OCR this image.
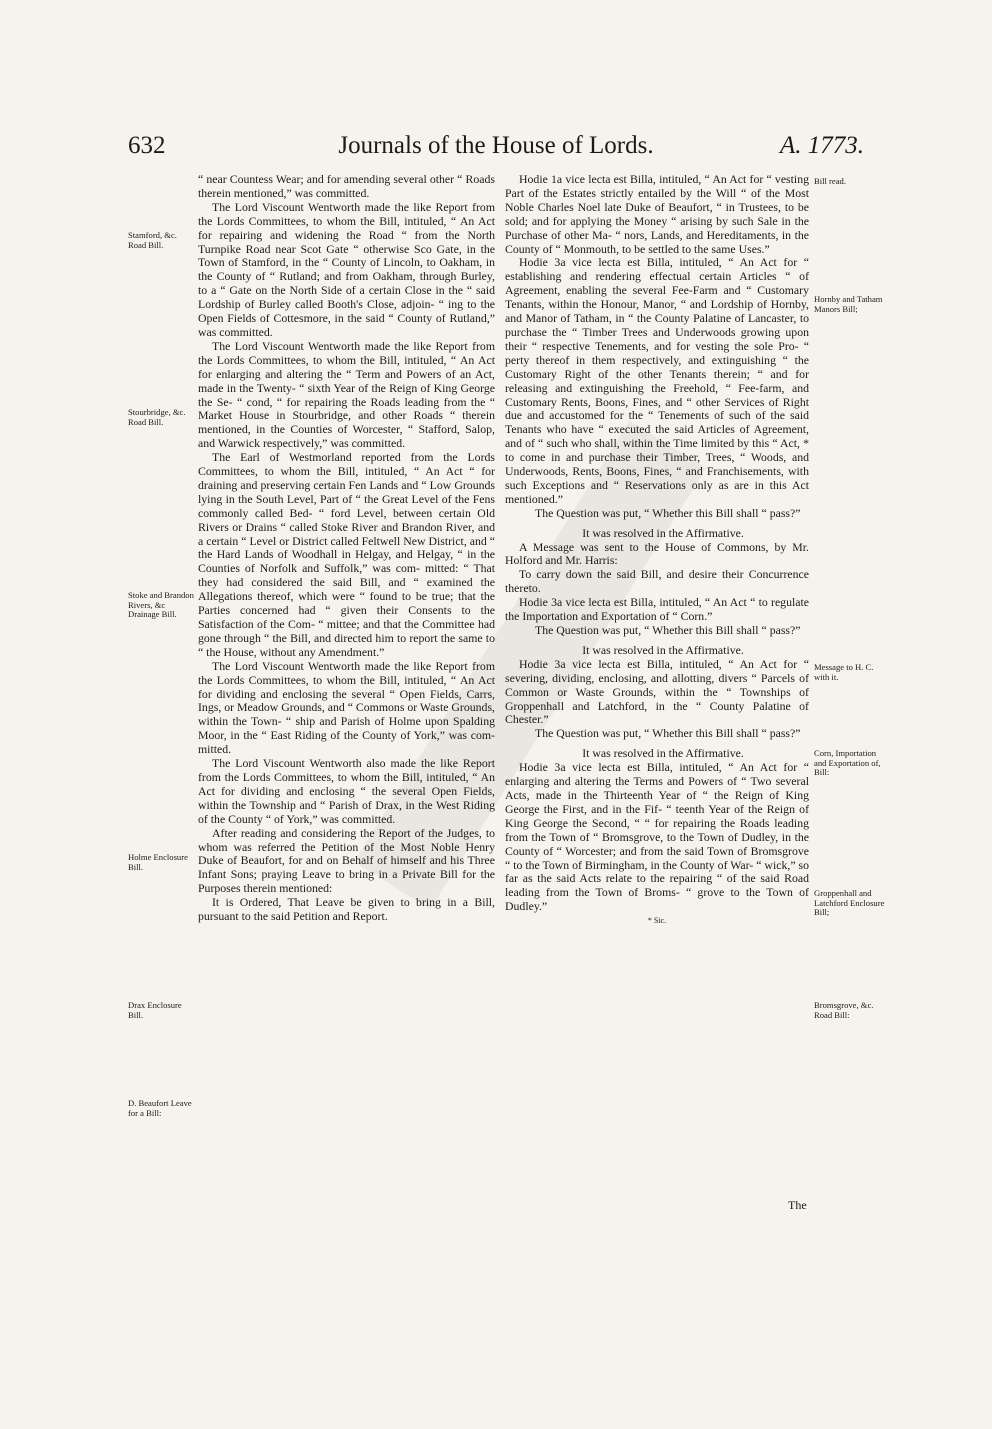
632	Journals of the House of Lords.	A. 1773.
Stamford, &c. Road Bill.
Stourbridge, &c. Road Bill.
Stoke and Brandon Rivers, &c Drainage Bill.
Holme Enclosure Bill.
Drax Enclosure Bill.
D. Beaufort Leave for a Bill:
Bill read.
Hornby and Tatham Manors Bill;
Message to H. C. with it.
Corn, Importation and Exportation of, Bill:
Groppenhall and Latchford Enclosure Bill;
Bromsgrove, &c. Road Bill:

“ near Countess Wear; and for amending several other “ Roads therein mentioned,” was committed.

The Lord Viscount Wentworth made the like Report from the Lords Committees, to whom the Bill, intituled, “ An Act for repairing and widening the Road “ from the North Turnpike Road near Scot Gate “ otherwise Sco Gate, in the Town of Stamford, in the “ County of Lincoln, to Oakham, in the County of “ Rutland; and from Oakham, through Burley, to a “ Gate on the North Side of a certain Close in the “ said Lordship of Burley called Booth's Close, adjoin- “ ing to the Open Fields of Cottesmore, in the said “ County of Rutland,” was committed.

The Lord Viscount Wentworth made the like Report from the Lords Committees, to whom the Bill, intituled, “ An Act for enlarging and altering the “ Term and Powers of an Act, made in the Twenty- “ sixth Year of the Reign of King George the Se- “ cond, “ for repairing the Roads leading from the “ Market House in Stourbridge, and other Roads “ therein mentioned, in the Counties of Worcester, “ Stafford, Salop, and Warwick respectively,” was committed.

The Earl of Westmorland reported from the Lords Committees, to whom the Bill, intituled, “ An Act “ for draining and preserving certain Fen Lands and “ Low Grounds lying in the South Level, Part of “ the Great Level of the Fens commonly called Bed- “ ford Level, between certain Old Rivers or Drains “ called Stoke River and Brandon River, and a certain “ Level or District called Feltwell New District, and “ the Hard Lands of Woodhall in Helgay, and Helgay, “ in the Counties of Norfolk and Suffolk,” was com- mitted: “ That they had considered the said Bill, and “ examined the Allegations thereof, which were “ found to be true; that the Parties concerned had “ given their Consents to the Satisfaction of the Com- “ mittee; and that the Committee had gone through “ the Bill, and directed him to report the same to “ the House, without any Amendment.”

The Lord Viscount Wentworth made the like Report from the Lords Committees, to whom the Bill, intituled, “ An Act for dividing and enclosing the several “ Open Fields, Carrs, Ings, or Meadow Grounds, and “ Commons or Waste Grounds, within the Town- “ ship and Parish of Holme upon Spalding Moor, in the “ East Riding of the County of York,” was com- mitted.

The Lord Viscount Wentworth also made the like Report from the Lords Committees, to whom the Bill, intituled, “ An Act for dividing and enclosing “ the several Open Fields, within the Township and “ Parish of Drax, in the West Riding of the County “ of York,” was committed.

After reading and considering the Report of the Judges, to whom was referred the Petition of the Most Noble Henry Duke of Beaufort, for and on Behalf of himself and his Three Infant Sons; praying Leave to bring in a Private Bill for the Purposes therein mentioned:

It is Ordered, That Leave be given to bring in a Bill, pursuant to the said Petition and Report.

Hodie 1a vice lecta est Billa, intituled, “ An Act for “ vesting Part of the Estates strictly entailed by the Will “ of the Most Noble Charles Noel late Duke of Beaufort, “ in Trustees, to be sold; and for applying the Money “ arising by such Sale in the Purchase of other Ma- “ nors, Lands, and Hereditaments, in the County of “ Monmouth, to be settled to the same Uses.”

Hodie 3a vice lecta est Billa, intituled, “ An Act for “ establishing and rendering effectual certain Articles “ of Agreement, enabling the several Fee-Farm and “ Customary Tenants, within the Honour, Manor, “ and Lordship of Hornby, and Manor of Tatham, in “ the County Palatine of Lancaster, to purchase the “ Timber Trees and Underwoods growing upon their “ respective Tenements, and for vesting the sole Pro- “ perty thereof in them respectively, and extinguishing “ the Customary Right of the other Tenants therein; “ and for releasing and extinguishing the Freehold, “ Fee-farm, and Customary Rents, Boons, Fines, and “ other Services of Right due and accustomed for the “ Tenements of such of the said Tenants who have “ executed the said Articles of Agreement, and of “ such who shall, within the Time limited by this “ Act, * to come in and purchase their Timber, Trees, “ Woods, and Underwoods, Rents, Boons, Fines, “ and Franchisements, with such Exceptions and “ Reservations only as are in this Act mentioned.”

The Question was put, “ Whether this Bill shall “ pass?”

It was resolved in the Affirmative.

A Message was sent to the House of Commons, by Mr. Holford and Mr. Harris:

To carry down the said Bill, and desire their Concurrence thereto.

Hodie 3a vice lecta est Billa, intituled, “ An Act “ to regulate the Importation and Exportation of “ Corn.”

The Question was put, “ Whether this Bill shall “ pass?”

It was resolved in the Affirmative.

Hodie 3a vice lecta est Billa, intituled, “ An Act for “ severing, dividing, enclosing, and allotting, divers “ Parcels of Common or Waste Grounds, within the “ Townships of Groppenhall and Latchford, in the “ County Palatine of Chester.”

The Question was put, “ Whether this Bill shall “ pass?”

It was resolved in the Affirmative.

Hodie 3a vice lecta est Billa, intituled, “ An Act for “ enlarging and altering the Terms and Powers of “ Two several Acts, made in the Thirteenth Year of “ the Reign of King George the First, and in the Fif- “ teenth Year of the Reign of King George the Second, “ “ for repairing the Roads leading from the Town of “ Bromsgrove, to the Town of Dudley, in the County of “ Worcester; and from the said Town of Bromsgrove “ to the Town of Birmingham, in the County of War- “ wick,” so far as the said Acts relate to the repairing “ of the said Road leading from the Town of Broms- “ grove to the Town of Dudley.”

* Sic.

The
